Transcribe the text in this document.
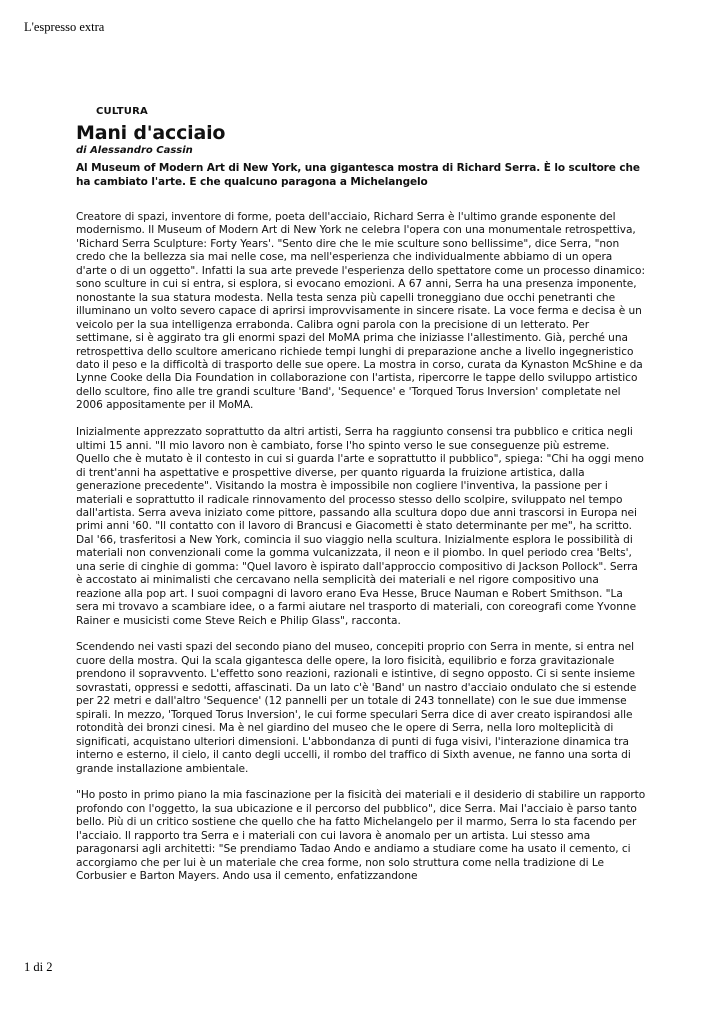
L'espresso extra
CULTURA
Mani d'acciaio
di Alessandro Cassin
Al Museum of Modern Art di New York, una gigantesca mostra di Richard Serra. È lo scultore che ha cambiato l'arte. E che qualcuno paragona a Michelangelo

Creatore di spazi, inventore di forme, poeta dell'acciaio, Richard Serra è l'ultimo grande esponente del modernismo. Il Museum of Modern Art di New York ne celebra l'opera con una monumentale retrospettiva, 'Richard Serra Sculpture: Forty Years'. "Sento dire che le mie sculture sono bellissime", dice Serra, "non credo che la bellezza sia mai nelle cose, ma nell'esperienza che individualmente abbiamo di un opera d'arte o di un oggetto". Infatti la sua arte prevede l'esperienza dello spettatore come un processo dinamico: sono sculture in cui si entra, si esplora, si evocano emozioni. A 67 anni, Serra ha una presenza imponente, nonostante la sua statura modesta. Nella testa senza più capelli troneggiano due occhi penetranti che illuminano un volto severo capace di aprirsi improvvisamente in sincere risate. La voce ferma e decisa è un veicolo per la sua intelligenza errabonda. Calibra ogni parola con la precisione di un letterato. Per settimane, si è aggirato tra gli enormi spazi del MoMA prima che iniziasse l'allestimento. Già, perché una retrospettiva dello scultore americano richiede tempi lunghi di preparazione anche a livello ingegneristico dato il peso e la difficoltà di trasporto delle sue opere. La mostra in corso, curata da Kynaston McShine e da Lynne Cooke della Dia Foundation in collaborazione con l'artista, ripercorre le tappe dello sviluppo artistico dello scultore, fino alle tre grandi sculture 'Band', 'Sequence' e 'Torqued Torus Inversion' completate nel 2006 appositamente per il MoMA.

Inizialmente apprezzato soprattutto da altri artisti, Serra ha raggiunto consensi tra pubblico e critica negli ultimi 15 anni. "Il mio lavoro non è cambiato, forse l'ho spinto verso le sue conseguenze più estreme. Quello che è mutato è il contesto in cui si guarda l'arte e soprattutto il pubblico", spiega: "Chi ha oggi meno di trent'anni ha aspettative e prospettive diverse, per quanto riguarda la fruizione artistica, dalla generazione precedente". Visitando la mostra è impossibile non cogliere l'inventiva, la passione per i materiali e soprattutto il radicale rinnovamento del processo stesso dello scolpire, sviluppato nel tempo dall'artista. Serra aveva iniziato come pittore, passando alla scultura dopo due anni trascorsi in Europa nei primi anni '60. "Il contatto con il lavoro di Brancusi e Giacometti è stato determinante per me", ha scritto. Dal '66, trasferitosi a New York, comincia il suo viaggio nella scultura. Inizialmente esplora le possibilità di materiali non convenzionali come la gomma vulcanizzata, il neon e il piombo. In quel periodo crea 'Belts', una serie di cinghie di gomma: "Quel lavoro è ispirato dall'approccio compositivo di Jackson Pollock". Serra è accostato ai minimalisti che cercavano nella semplicità dei materiali e nel rigore compositivo una reazione alla pop art. I suoi compagni di lavoro erano Eva Hesse, Bruce Nauman e Robert Smithson. "La sera mi trovavo a scambiare idee, o a farmi aiutare nel trasporto di materiali, con coreografi come Yvonne Rainer e musicisti come Steve Reich e Philip Glass", racconta.

Scendendo nei vasti spazi del secondo piano del museo, concepiti proprio con Serra in mente, si entra nel cuore della mostra. Qui la scala gigantesca delle opere, la loro fisicità, equilibrio e forza gravitazionale prendono il sopravvento. L'effetto sono reazioni, razionali e istintive, di segno opposto. Ci si sente insieme sovrastati, oppressi e sedotti, affascinati. Da un lato c'è 'Band' un nastro d'acciaio ondulato che si estende per 22 metri e dall'altro 'Sequence' (12 pannelli per un totale di 243 tonnellate) con le sue due immense spirali. In mezzo, 'Torqued Torus Inversion', le cui forme speculari Serra dice di aver creato ispirandosi alle rotondità dei bronzi cinesi. Ma è nel giardino del museo che le opere di Serra, nella loro molteplicità di significati, acquistano ulteriori dimensioni. L'abbondanza di punti di fuga visivi, l'interazione dinamica tra interno e esterno, il cielo, il canto degli uccelli, il rombo del traffico di Sixth avenue, ne fanno una sorta di grande installazione ambientale.

"Ho posto in primo piano la mia fascinazione per la fisicità dei materiali e il desiderio di stabilire un rapporto profondo con l'oggetto, la sua ubicazione e il percorso del pubblico", dice Serra. Mai l'acciaio è parso tanto bello. Più di un critico sostiene che quello che ha fatto Michelangelo per il marmo, Serra lo sta facendo per l'acciaio. Il rapporto tra Serra e i materiali con cui lavora è anomalo per un artista. Lui stesso ama paragonarsi agli architetti: "Se prendiamo Tadao Ando e andiamo a studiare come ha usato il cemento, ci accorgiamo che per lui è un materiale che crea forme, non solo struttura come nella tradizione di Le Corbusier e Barton Mayers. Ando usa il cemento, enfatizzandone

1 di 2
